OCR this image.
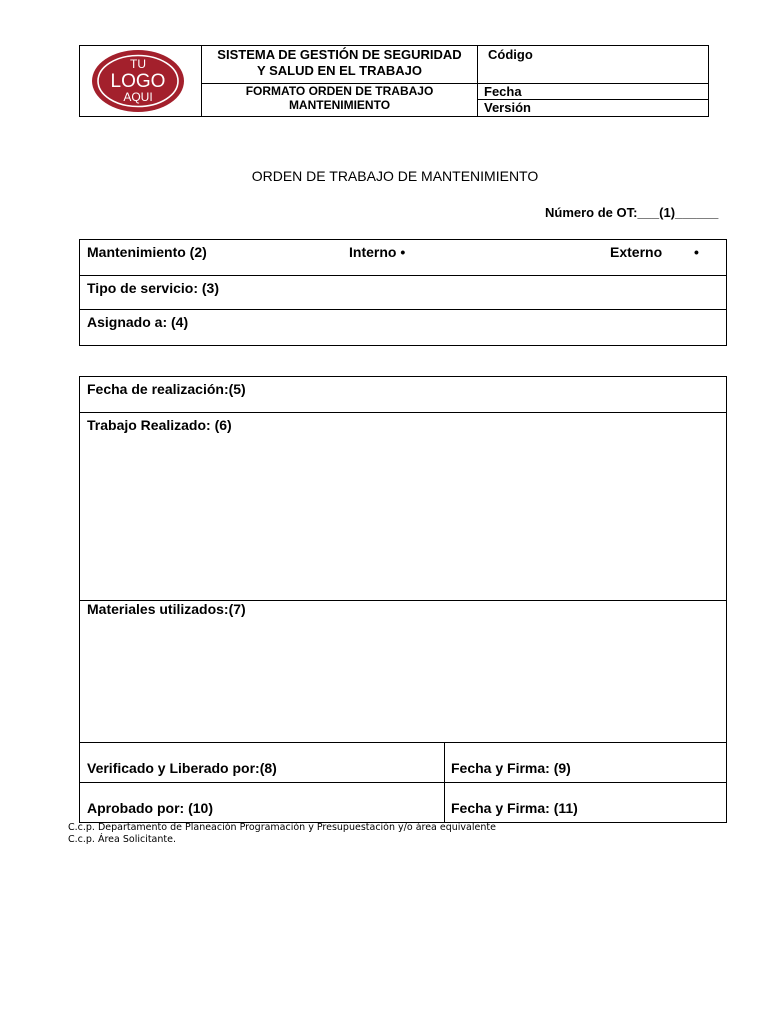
TU
LOGO
AQUI
SISTEMA DE GESTIÓN DE SEGURIDAD
Y SALUD EN EL TRABAJO
FORMATO ORDEN DE TRABAJO
MANTENIMIENTO
Código
Fecha
Versión
ORDEN DE TRABAJO DE MANTENIMIENTO
Número de OT:___(1)______
Mantenimiento (2)	Interno •	Externo •
Tipo de servicio: (3)
Asignado a: (4)
Fecha de realización:(5)
Trabajo Realizado: (6)
Materiales utilizados:(7)
Verificado y Liberado por:(8)	Fecha y Firma: (9)
Aprobado por: (10)	Fecha y Firma: (11)
C.c.p. Departamento de Planeación Programación y Presupuestación y/o área equivalente
C.c.p. Área Solicitante.
